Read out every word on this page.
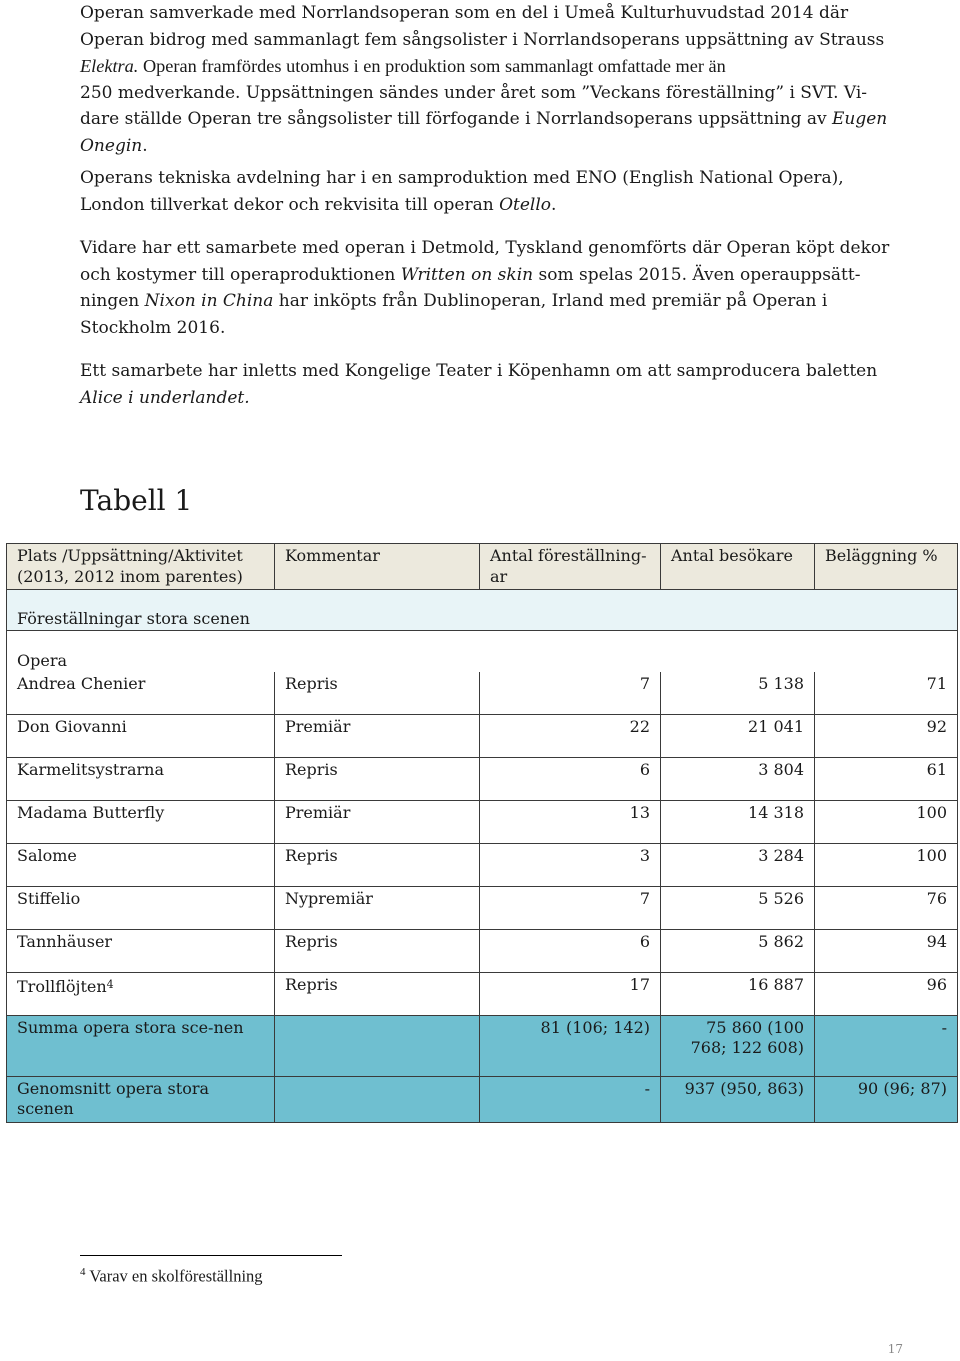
Operan samverkade med Norrlandsoperan som en del i Umeå Kulturhuvudstad 2014 där
Operan bidrog med sammanlagt fem sångsolister i Norrlandsoperans uppsättning av Strauss
Elektra. Operan framfördes utomhus i en produktion som sammanlagt omfattade mer än
250 medverkande. Uppsättningen sändes under året som ”Veckans föreställning” i SVT. Vi-
dare ställde Operan tre sångsolister till förfogande i Norrlandsoperans uppsättning av Eugen
Onegin.
Operans tekniska avdelning har i en samproduktion med ENO (English National Opera),
London tillverkat dekor och rekvisita till operan Otello.
Vidare har ett samarbete med operan i Detmold, Tyskland genomförts där Operan köpt dekor
och kostymer till operaproduktionen Written on skin som spelas 2015. Även operauppsätt-
ningen Nixon in China har inköpts från Dublinoperan, Irland med premiär på Operan i
Stockholm 2016.
Ett samarbete har inletts med Kongelige Teater i Köpenhamn om att samproducera baletten
Alice i underlandet.
Tabell 1
Plats /Uppsättning/Aktivitet (2013, 2012 inom parentes)	Kommentar	Antal föreställning-ar	Antal besökare	Beläggning %
Föreställningar stora scenen				
Opera				
Andrea Chenier	Repris	7	5 138	71
Don Giovanni	Premiär	22	21 041	92
Karmelitsystrarna	Repris	6	3 804	61
Madama Butterfly	Premiär	13	14 318	100
Salome	Repris	3	3 284	100
Stiffelio	Nypremiär	7	5 526	76
Tannhäuser	Repris	6	5 862	94
Trollflöjten$^4$	Repris	17	16 887	96
Summa opera stora sce-nen		81 (106; 142)	75 860 (100 768; 122 608)	-
Genomsnitt opera stora scenen		-	937 (950, 863)	90 (96; 87)

$^4$ Varav en skolföreställning

17
